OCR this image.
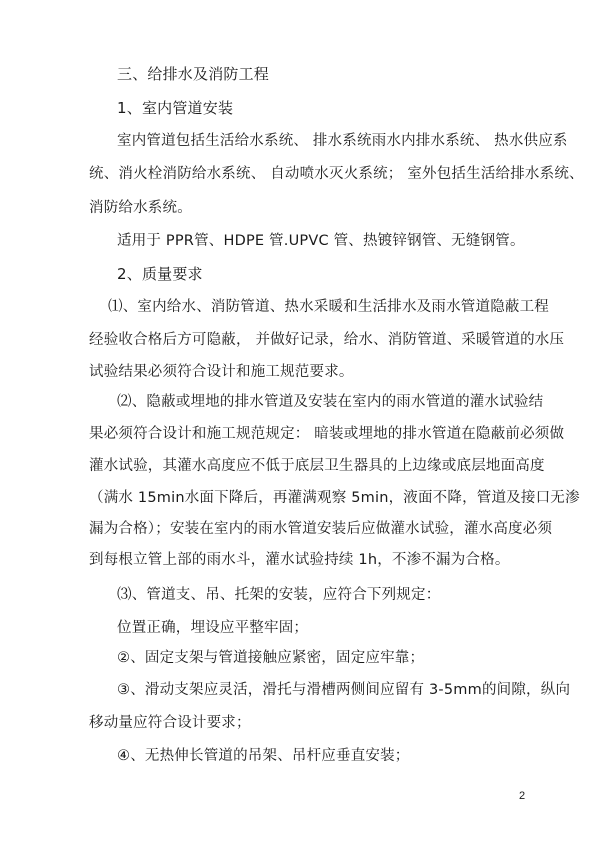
三、给排水及消防工程
1、室内管道安装
室内管道包括生活给水系统、 排水系统雨水内排水系统、 热水供应系
统、消火栓消防给水系统、 自动喷水灭火系统； 室外包括生活给排水系统、
消防给水系统。
适用于 PPR管、HDPE 管.UPVC 管、热镀锌钢管、无缝钢管。
2、质量要求
⑴、室内给水、消防管道、热水采暖和生活排水及雨水管道隐蔽工程
经验收合格后方可隐蔽， 并做好记录，给水、消防管道、采暖管道的水压
试验结果必须符合设计和施工规范要求。
⑵、隐蔽或埋地的排水管道及安装在室内的雨水管道的灌水试验结
果必须符合设计和施工规范规定： 暗装或埋地的排水管道在隐蔽前必须做
灌水试验，其灌水高度应不低于底层卫生器具的上边缘或底层地面高度
（满水 15min水面下降后，再灌满观察 5min，液面不降，管道及接口无渗
漏为合格）；安装在室内的雨水管道安装后应做灌水试验，灌水高度必须
到每根立管上部的雨水斗，灌水试验持续 1h，不渗不漏为合格。
⑶、管道支、吊、托架的安装，应符合下列规定：
位置正确，埋设应平整牢固；
②、固定支架与管道接触应紧密，固定应牢靠；
③、滑动支架应灵活，滑托与滑槽两侧间应留有 3-5mm的间隙，纵向
移动量应符合设计要求；
④、无热伸长管道的吊架、吊杆应垂直安装；
2
